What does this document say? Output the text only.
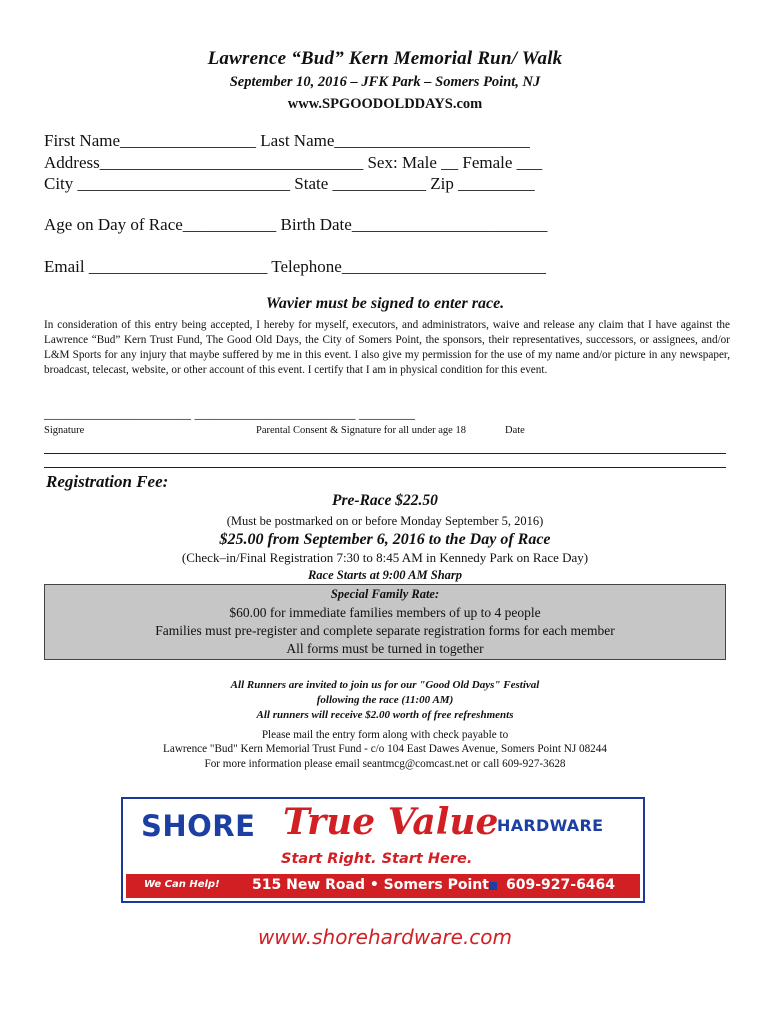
Lawrence “Bud” Kern Memorial Run/ Walk
September 10, 2016 – JFK Park – Somers Point, NJ
www.SPGOODOLDDAYS.com
First Name________________ Last Name_______________________
Address_______________________________ Sex: Male __ Female ___
City _________________________ State ___________ Zip _________
Age on Day of Race___________ Birth Date_______________________
Email _____________________ Telephone________________________
Wavier must be signed to enter race.
In consideration of this entry being accepted, I hereby for myself, executors, and administrators, waive and release any claim that I have against the Lawrence “Bud” Kern Trust Fund, The Good Old Days, the City of Somers Point, the sponsors, their representatives, successors, or assignees, and/or L&M Sports for any injury that maybe suffered by me in this event. I also give my permission for the use of my name and/or picture in any newspaper, broadcast, telecast, website, or other account of this event. I certify that I am in physical condition for this event.
_____________________ _______________________ ________
Signature	Parental Consent & Signature for all under age 18	Date
Registration Fee:
Pre-Race $22.50
(Must be postmarked on or before Monday September 5, 2016)
$25.00 from September 6, 2016 to the Day of Race
(Check–in/Final Registration 7:30 to 8:45 AM in Kennedy Park on Race Day)
Race Starts at 9:00 AM Sharp
Special Family Rate:
$60.00 for immediate families members of up to 4 people
Families must pre-register and complete separate registration forms for each member
All forms must be turned in together
All Runners are invited to join us for our "Good Old Days" Festival
following the race (11:00 AM)
All runners will receive $2.00 worth of free refreshments
Please mail the entry form along with check payable to
Lawrence "Bud" Kern Memorial Trust Fund - c/o 104 East Dawes Avenue, Somers Point NJ 08244
For more information please email seantmcg@comcast.net or call 609-927-3628
SHORE True Value
HARDWARE
Start Right. Start Here.
We Can Help! 515 New Road • Somers Point 609-927-6464
www.shorehardware.com
